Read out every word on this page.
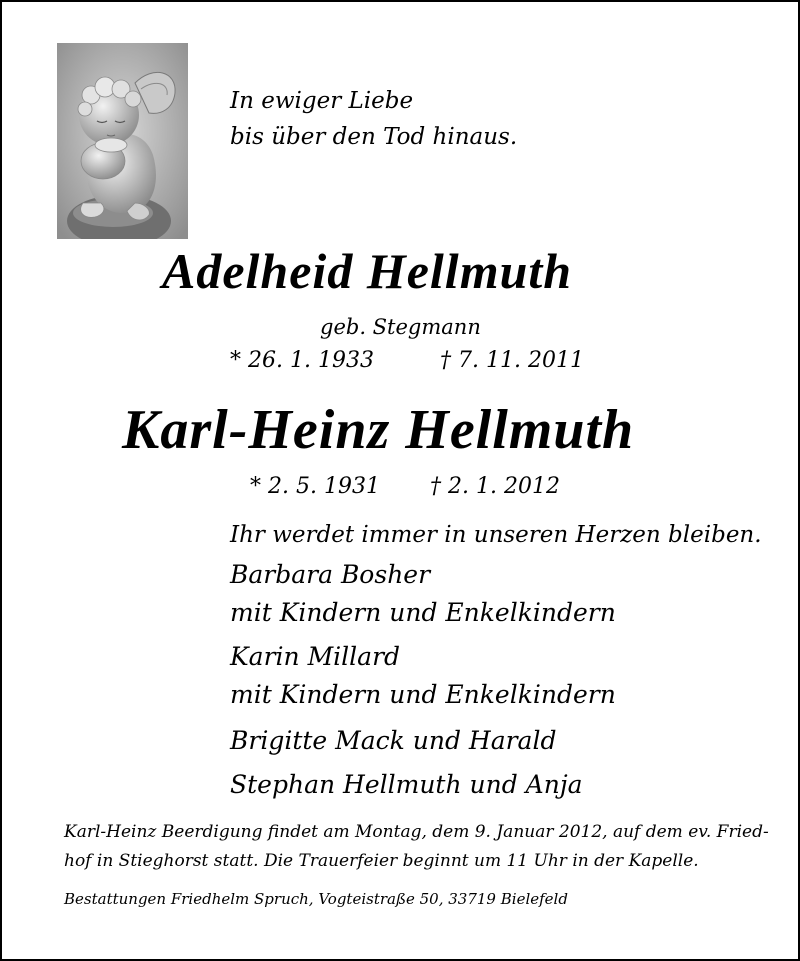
In ewiger Liebe

bis über den Tod hinaus.

Adelheid Hellmuth

geb. Stegmann

* 26. 1. 1933	† 7. 11. 2011

Karl-Heinz Hellmuth

* 2. 5. 1931 † 2. 1. 2012

Ihr werdet immer in unseren Herzen bleiben.

Barbara Bosher

mit Kindern und Enkelkindern

Karin Millard

mit Kindern und Enkelkindern

Brigitte Mack und Harald

Stephan Hellmuth und Anja

Karl-Heinz Beerdigung findet am Montag, dem 9. Januar 2012, auf dem ev. Fried-

hof in Stieghorst statt. Die Trauerfeier beginnt um 11 Uhr in der Kapelle.

Bestattungen Friedhelm Spruch, Vogteistraße 50, 33719 Bielefeld
